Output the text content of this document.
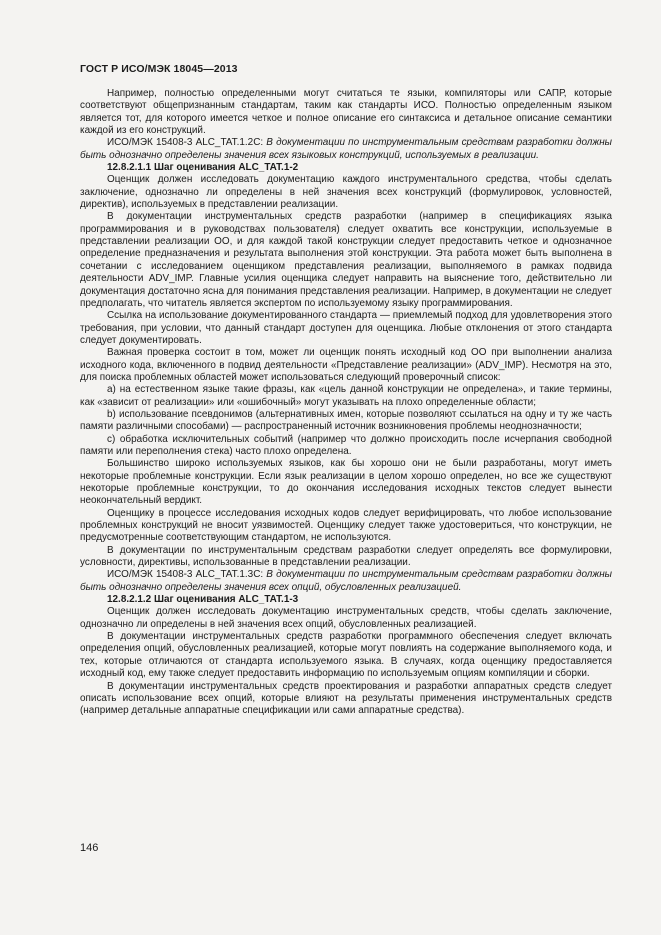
ГОСТ Р ИСО/МЭК 18045—2013

Например, полностью определенными могут считаться те языки, компиляторы или САПР, которые соответствуют общепризнанным стандартам, таким как стандарты ИСО. Полностью определенным языком является тот, для которого имеется четкое и полное описание его синтаксиса и детальное описание семантики каждой из его конструкций.

ИСО/МЭК 15408-3 ALC_TAT.1.2С: В документации по инструментальным средствам разработки должны быть однозначно определены значения всех языковых конструкций, используемых в реализации.

12.8.2.1.1 Шаг оценивания ALC_TAT.1-2

Оценщик должен исследовать документацию каждого инструментального средства, чтобы сделать заключение, однозначно ли определены в ней значения всех конструкций (формулировок, условностей, директив), используемых в представлении реализации.

В документации инструментальных средств разработки (например в спецификациях языка программирования и в руководствах пользователя) следует охватить все конструкции, используемые в представлении реализации ОО, и для каждой такой конструкции следует предоставить четкое и однозначное определение предназначения и результата выполнения этой конструкции. Эта работа может быть выполнена в сочетании с исследованием оценщиком представления реализации, выполняемого в рамках подвида деятельности ADV_IMP. Главные усилия оценщика следует направить на выяснение того, действительно ли документация достаточно ясна для понимания представления реализации. Например, в документации не следует предполагать, что читатель является экспертом по используемому языку программирования.

Ссылка на использование документированного стандарта — приемлемый подход для удовлетворения этого требования, при условии, что данный стандарт доступен для оценщика. Любые отклонения от этого стандарта следует документировать.

Важная проверка состоит в том, может ли оценщик понять исходный код ОО при выполнении анализа исходного кода, включенного в подвид деятельности «Представление реализации» (ADV_IMP). Несмотря на это, для поиска проблемных областей может использоваться следующий проверочный список:

a) на естественном языке такие фразы, как «цель данной конструкции не определена», и такие термины, как «зависит от реализации» или «ошибочный» могут указывать на плохо определенные области;

b) использование псевдонимов (альтернативных имен, которые позволяют ссылаться на одну и ту же часть памяти различными способами) — распространенный источник возникновения проблемы неоднозначности;

c) обработка исключительных событий (например что должно происходить после исчерпания свободной памяти или переполнения стека) часто плохо определена.

Большинство широко используемых языков, как бы хорошо они не были разработаны, могут иметь некоторые проблемные конструкции. Если язык реализации в целом хорошо определен, но все же существуют некоторые проблемные конструкции, то до окончания исследования исходных текстов следует вынести неокончательный вердикт.

Оценщику в процессе исследования исходных кодов следует верифицировать, что любое использование проблемных конструкций не вносит уязвимостей. Оценщику следует также удостовериться, что конструкции, не предусмотренные соответствующим стандартом, не используются.

В документации по инструментальным средствам разработки следует определять все формулировки, условности, директивы, использованные в представлении реализации.

ИСО/МЭК 15408-3 ALC_TAT.1.3С: В документации по инструментальным средствам разработки должны быть однозначно определены значения всех опций, обусловленных реализацией.

12.8.2.1.2 Шаг оценивания ALC_TAT.1-3

Оценщик должен исследовать документацию инструментальных средств, чтобы сделать заключение, однозначно ли определены в ней значения всех опций, обусловленных реализацией.

В документации инструментальных средств разработки программного обеспечения следует включать определения опций, обусловленных реализацией, которые могут повлиять на содержание выполняемого кода, и тех, которые отличаются от стандарта используемого языка. В случаях, когда оценщику предоставляется исходный код, ему также следует предоставить информацию по используемым опциям компиляции и сборки.

В документации инструментальных средств проектирования и разработки аппаратных средств следует описать использование всех опций, которые влияют на результаты применения инструментальных средств (например детальные аппаратные спецификации или сами аппаратные средства).

146
